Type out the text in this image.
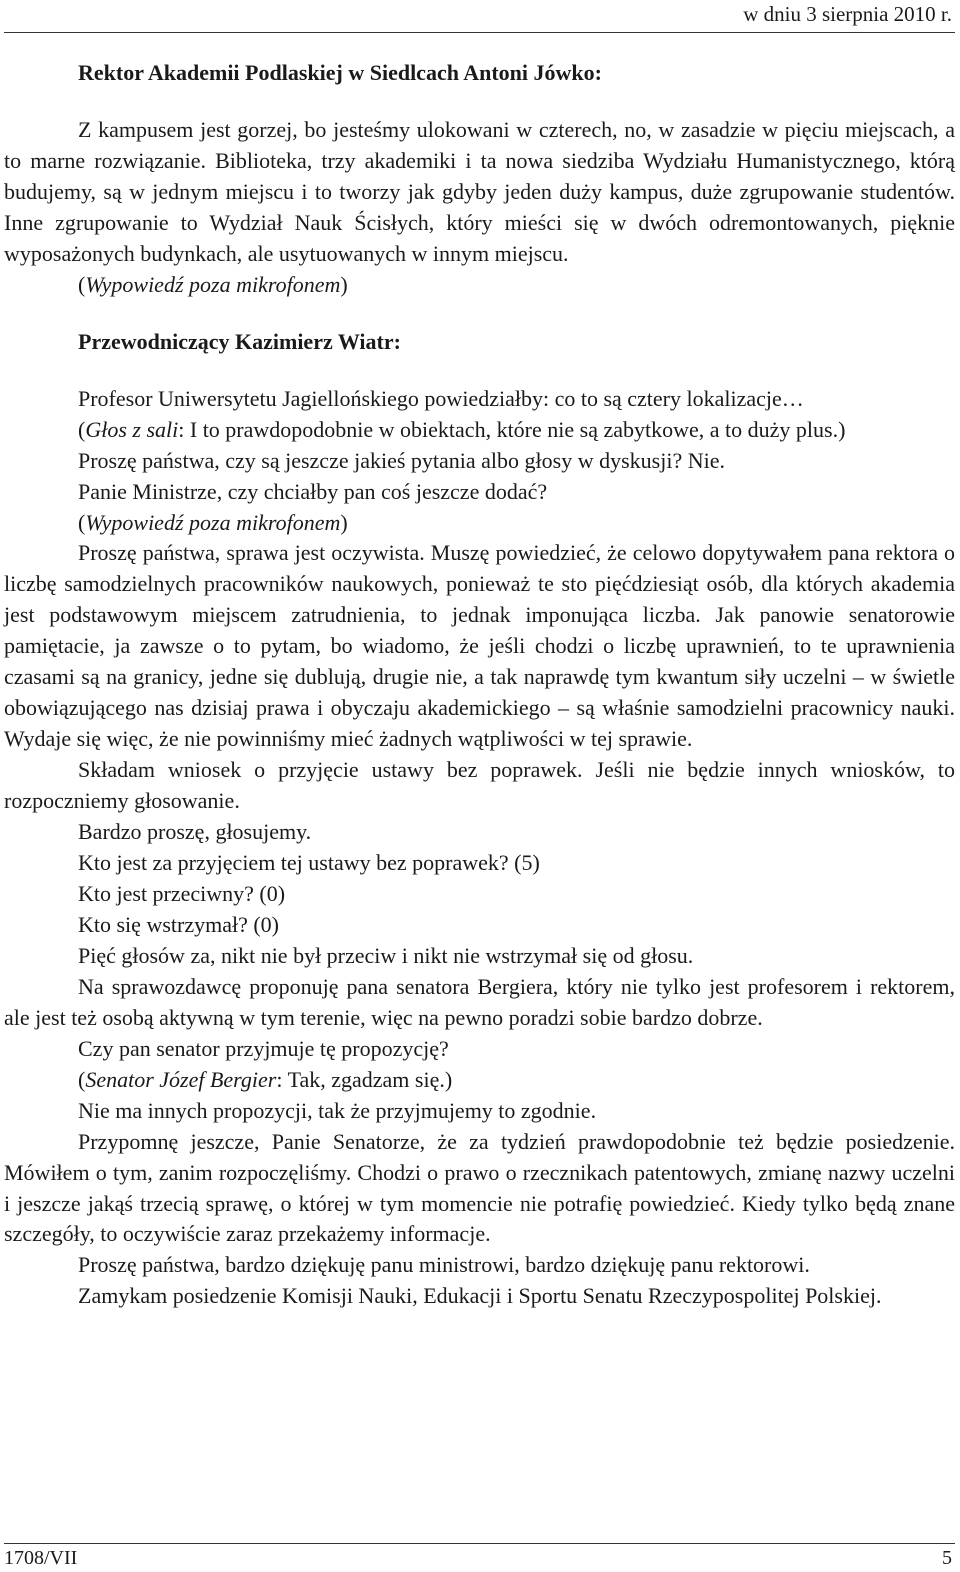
w dniu 3 sierpnia 2010 r.

Rektor Akademii Podlaskiej w Siedlcach Antoni Jówko:

Z kampusem jest gorzej, bo jesteśmy ulokowani w czterech, no, w zasadzie w pięciu miejscach, a to marne rozwiązanie. Biblioteka, trzy akademiki i ta nowa siedziba Wydziału Humanistycznego, którą budujemy, są w jednym miejscu i to tworzy jak gdyby jeden duży kampus, duże zgrupowanie studentów. Inne zgrupowanie to Wydział Nauk Ścisłych, który mieści się w dwóch odremontowanych, pięknie wyposażonych budynkach, ale usytuowanych w innym miejscu.

(Wypowiedź poza mikrofonem)

Przewodniczący Kazimierz Wiatr:

Profesor Uniwersytetu Jagiellońskiego powiedziałby: co to są cztery lokalizacje…

(Głos z sali: I to prawdopodobnie w obiektach, które nie są zabytkowe, a to duży plus.)

Proszę państwa, czy są jeszcze jakieś pytania albo głosy w dyskusji? Nie.

Panie Ministrze, czy chciałby pan coś jeszcze dodać?

(Wypowiedź poza mikrofonem)

Proszę państwa, sprawa jest oczywista. Muszę powiedzieć, że celowo dopytywałem pana rektora o liczbę samodzielnych pracowników naukowych, ponieważ te sto pięćdziesiąt osób, dla których akademia jest podstawowym miejscem zatrudnienia, to jednak imponująca liczba. Jak panowie senatorowie pamiętacie, ja zawsze o to pytam, bo wiadomo, że jeśli chodzi o liczbę uprawnień, to te uprawnienia czasami są na granicy, jedne się dublują, drugie nie, a tak naprawdę tym kwantum siły uczelni – w świetle obowiązującego nas dzisiaj prawa i obyczaju akademickiego – są właśnie samodzielni pracownicy nauki. Wydaje się więc, że nie powinniśmy mieć żadnych wątpliwości w tej sprawie.

Składam wniosek o przyjęcie ustawy bez poprawek. Jeśli nie będzie innych wniosków, to rozpoczniemy głosowanie.

Bardzo proszę, głosujemy.

Kto jest za przyjęciem tej ustawy bez poprawek? (5)

Kto jest przeciwny? (0)

Kto się wstrzymał? (0)

Pięć głosów za, nikt nie był przeciw i nikt nie wstrzymał się od głosu.

Na sprawozdawcę proponuję pana senatora Bergiera, który nie tylko jest profesorem i rektorem, ale jest też osobą aktywną w tym terenie, więc na pewno poradzi sobie bardzo dobrze.

Czy pan senator przyjmuje tę propozycję?

(Senator Józef Bergier: Tak, zgadzam się.)

Nie ma innych propozycji, tak że przyjmujemy to zgodnie.

Przypomnę jeszcze, Panie Senatorze, że za tydzień prawdopodobnie też będzie posiedzenie. Mówiłem o tym, zanim rozpoczęliśmy. Chodzi o prawo o rzecznikach patentowych, zmianę nazwy uczelni i jeszcze jakąś trzecią sprawę, o której w tym momencie nie potrafię powiedzieć. Kiedy tylko będą znane szczegóły, to oczywiście zaraz przekażemy informacje.

Proszę państwa, bardzo dziękuję panu ministrowi, bardzo dziękuję panu rektorowi.

Zamykam posiedzenie Komisji Nauki, Edukacji i Sportu Senatu Rzeczypospolitej Polskiej.

1708/VII	5
